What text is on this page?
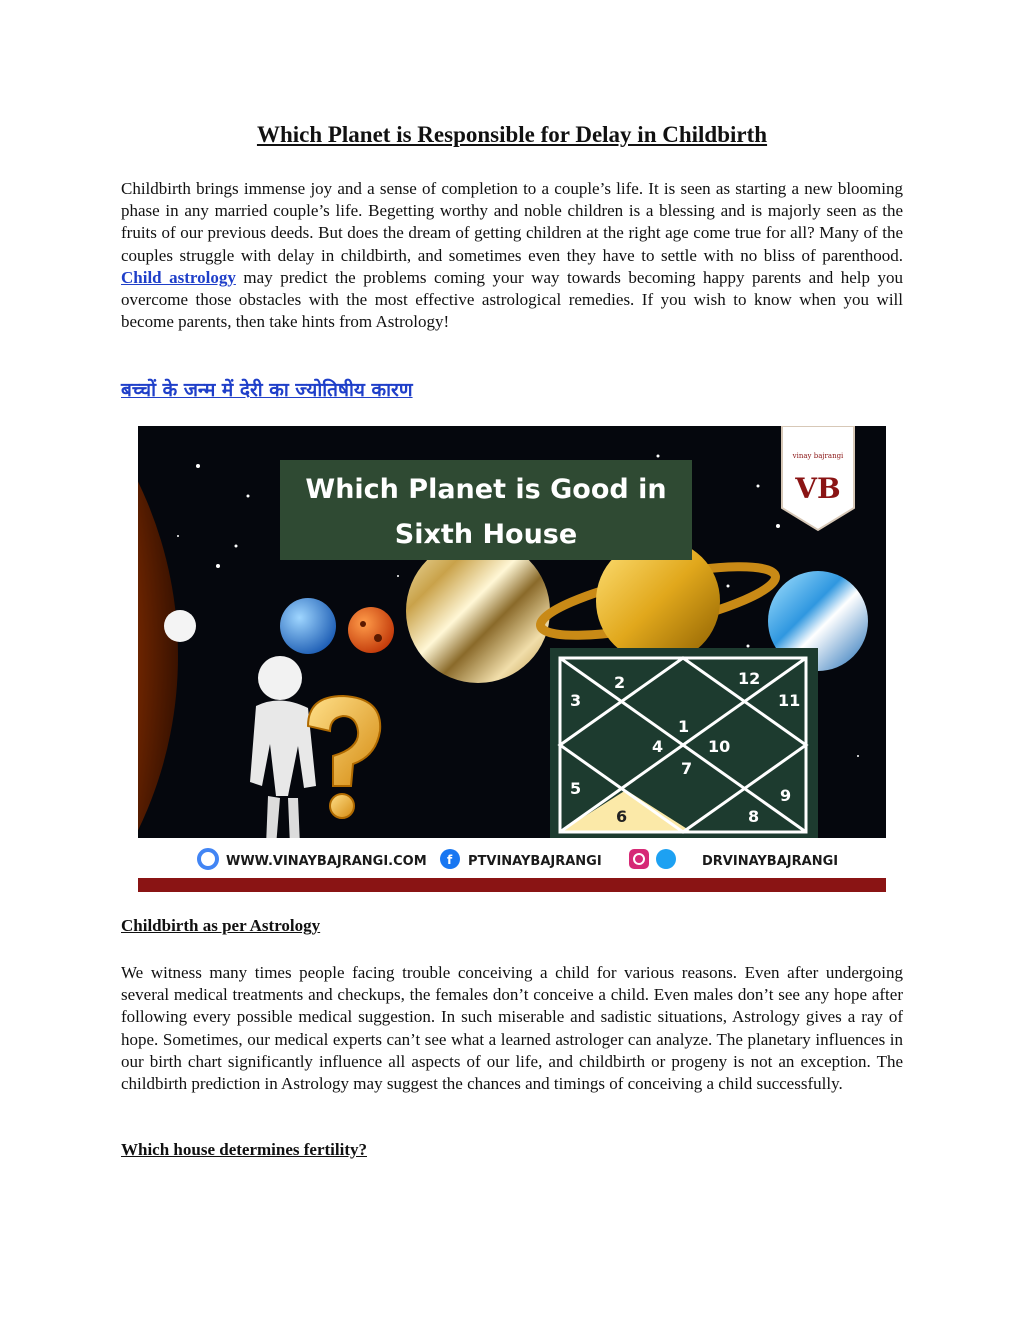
Which Planet is Responsible for Delay in Childbirth

Childbirth brings immense joy and a sense of completion to a couple’s life. It is seen as starting a new blooming phase in any married couple’s life. Begetting worthy and noble children is a blessing and is majorly seen as the fruits of our previous deeds. But does the dream of getting children at the right age come true for all? Many of the couples struggle with delay in childbirth, and sometimes even they have to settle with no bliss of parenthood. Child astrology may predict the problems coming your way towards becoming happy parents and help you overcome those obstacles with the most effective astrological remedies. If you wish to know when you will become parents, then take hints from Astrology!

बच्चों के जन्म में देरी का ज्योतिषीय कारण
Which Planet is Good in
Sixth House
vinay bajrangi
VB
2	12
3	11
1
4	10
7
5	9
6	8
WWW.VINAYBAJRANGI.COM f PTVINAYBAJRANGI	DRVINAYBAJRANGI
Childbirth as per Astrology

We witness many times people facing trouble conceiving a child for various reasons. Even after undergoing several medical treatments and checkups, the females don’t conceive a child. Even males don’t see any hope after following every possible medical suggestion. In such miserable and sadistic situations, Astrology gives a ray of hope. Sometimes, our medical experts can’t see what a learned astrologer can analyze. The planetary influences in our birth chart significantly influence all aspects of our life, and childbirth or progeny is not an exception. The childbirth prediction in Astrology may suggest the chances and timings of conceiving a child successfully.

Which house determines fertility?
